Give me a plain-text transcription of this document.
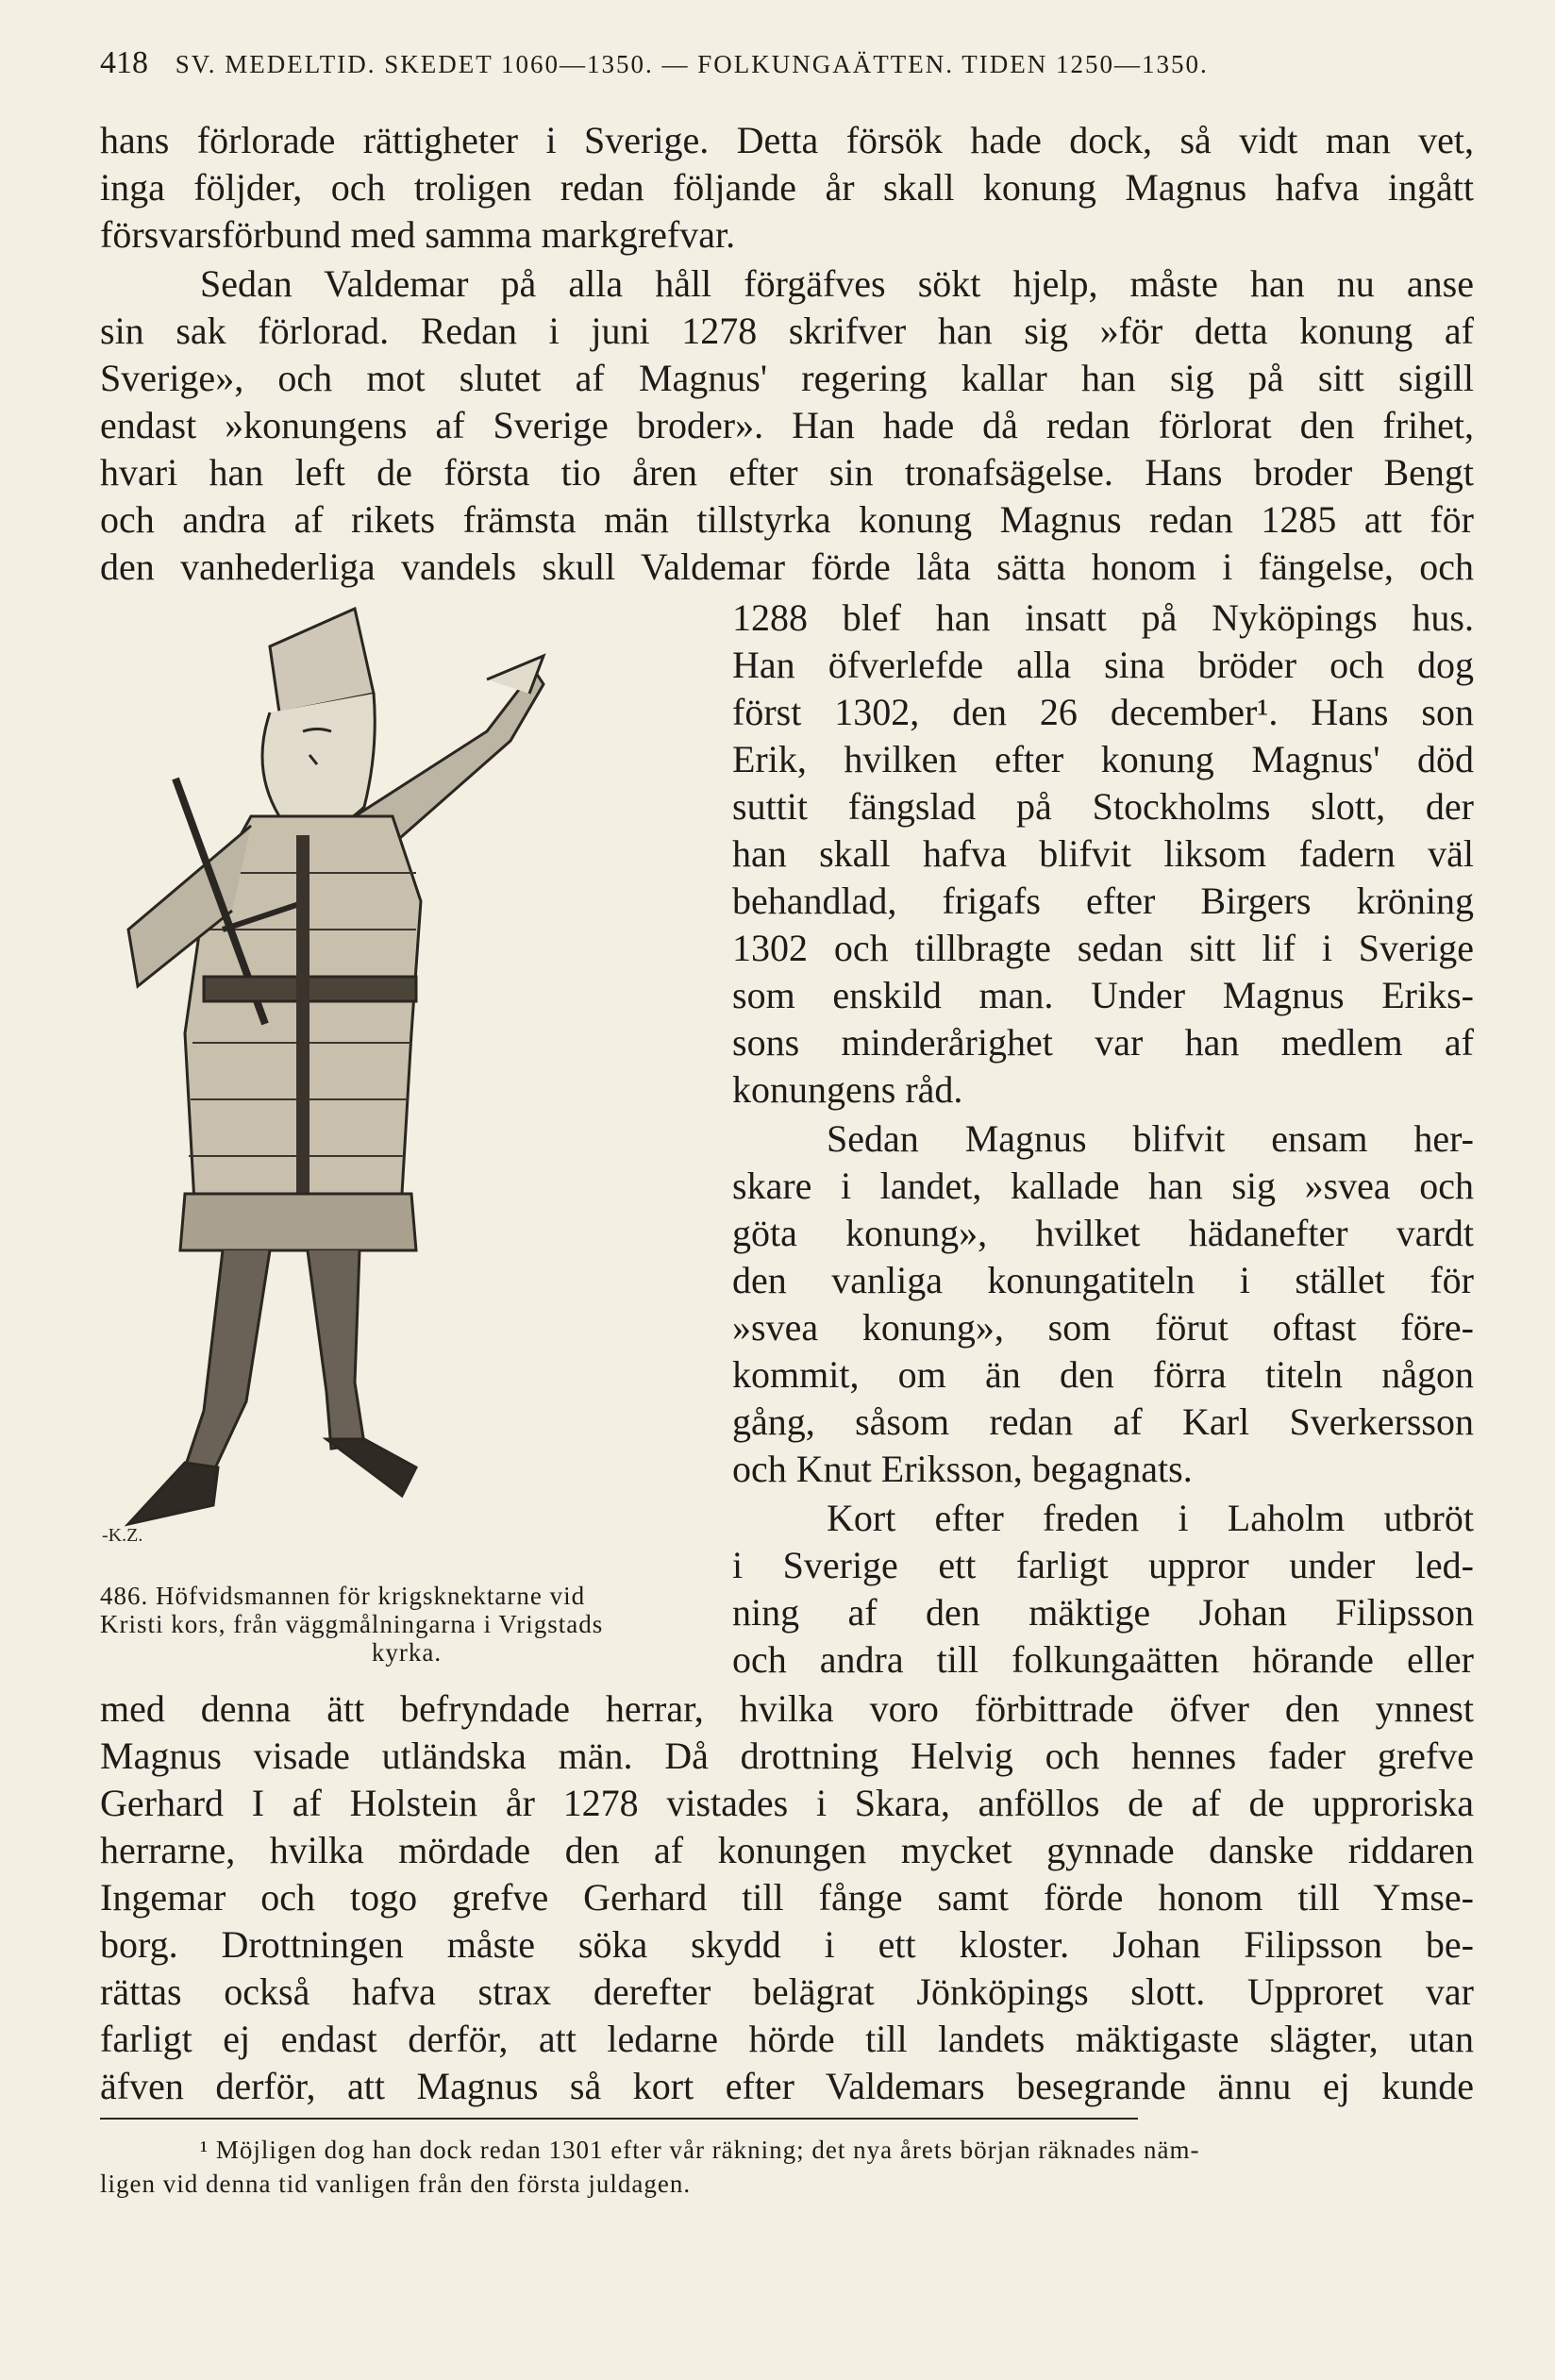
418 SV. MEDELTID. SKEDET 1060—1350. — FOLKUNGAÄTTEN. TIDEN 1250—1350.
hans förlorade rättigheter i Sverige. Detta försök hade dock, så vidt man vet,
inga följder, och troligen redan följande år skall konung Magnus hafva ingått
försvarsförbund med samma markgrefvar.
Sedan Valdemar på alla håll förgäfves sökt hjelp, måste han nu anse
sin sak förlorad. Redan i juni 1278 skrifver han sig »för detta konung af
Sverige», och mot slutet af Magnus' regering kallar han sig på sitt sigill
endast »konungens af Sverige broder». Han hade då redan förlorat den frihet,
hvari han left de första tio åren efter sin tronafsägelse. Hans broder Bengt
och andra af rikets främsta män tillstyrka konung Magnus redan 1285 att för
den vanhederliga vandels skull Valdemar förde låta sätta honom i fängelse, och
1288 blef han insatt på Nyköpings hus.
Han öfverlefde alla sina bröder och dog
först 1302, den 26 december¹. Hans son
Erik, hvilken efter konung Magnus' död
suttit fängslad på Stockholms slott, der
han skall hafva blifvit liksom fadern väl
behandlad, frigafs efter Birgers kröning
1302 och tillbragte sedan sitt lif i Sverige
som enskild man. Under Magnus Eriks-
sons minderårighet var han medlem af
konungens råd.
Sedan Magnus blifvit ensam her-
skare i landet, kallade han sig »svea och
göta konung», hvilket hädanefter vardt
den vanliga konungatiteln i stället för
»svea konung», som förut oftast före-
kommit, om än den förra titeln någon
gång, såsom redan af Karl Sverkersson
och Knut Eriksson, begagnats.
Kort efter freden i Laholm utbröt
i Sverige ett farligt uppror under led-
ning af den mäktige Johan Filipsson
och andra till folkungaätten hörande eller
med denna ätt befryndade herrar, hvilka voro förbittrade öfver den ynnest
Magnus visade utländska män. Då drottning Helvig och hennes fader grefve
Gerhard I af Holstein år 1278 vistades i Skara, anföllos de af de upproriska
herrarne, hvilka mördade den af konungen mycket gynnade danske riddaren
Ingemar och togo grefve Gerhard till fånge samt förde honom till Ymse-
borg. Drottningen måste söka skydd i ett kloster. Johan Filipsson be-
rättas också hafva strax derefter belägrat Jönköpings slott. Upproret var
farligt ej endast derför, att ledarne hörde till landets mäktigaste slägter, utan
äfven derför, att Magnus så kort efter Valdemars besegrande ännu ej kunde
-K.Z.
486. Höfvidsmannen för krigsknektarne vid
Kristi kors, från väggmålningarna i Vrigstads

kyrka.
¹ Möjligen dog han dock redan 1301 efter vår räkning; det nya årets början räknades näm-
ligen vid denna tid vanligen från den första juldagen.
